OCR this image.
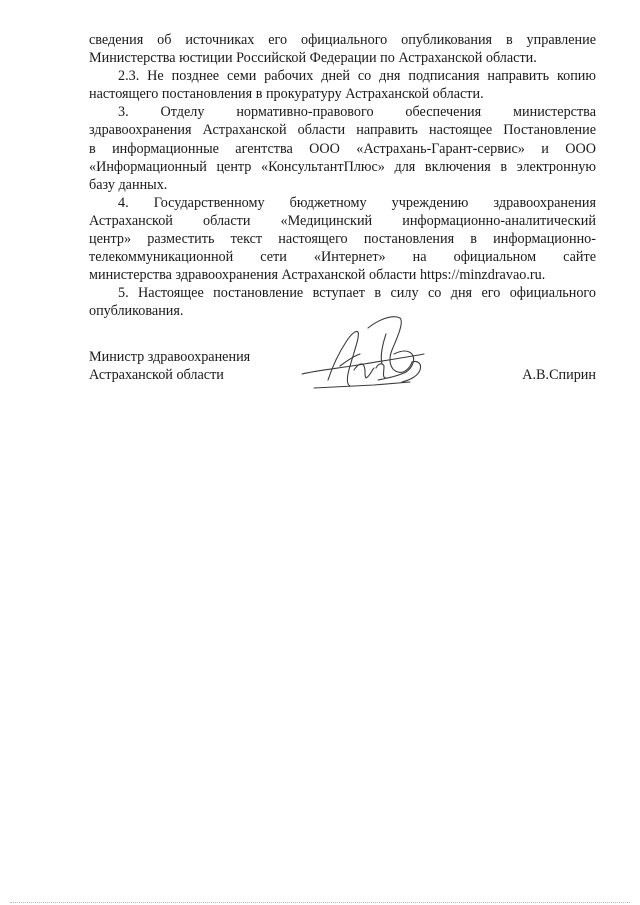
сведения об источниках его официального опубликования в управление

Министерства юстиции Российской Федерации по Астраханской области.

2.3. Не позднее семи рабочих дней со дня подписания направить копию

настоящего постановления в прокуратуру Астраханской области.

3. Отделу нормативно-правового обеспечения министерства

здравоохранения Астраханской области направить настоящее Постановление

в информационные агентства ООО «Астрахань-Гарант-сервис» и ООО

«Информационный центр «КонсультантПлюс» для включения в электронную

базу данных.

4. Государственному бюджетному учреждению здравоохранения

Астраханской области «Медицинский информационно-аналитический

центр» разместить текст настоящего постановления в информационно-

телекоммуникационной сети «Интернет» на официальном сайте

министерства здравоохранения Астраханской области https://minzdravao.ru.

5. Настоящее постановление вступает в силу со дня его официального

опубликования.

Министр здравоохранения
Астраханской области	А.В.Спирин
